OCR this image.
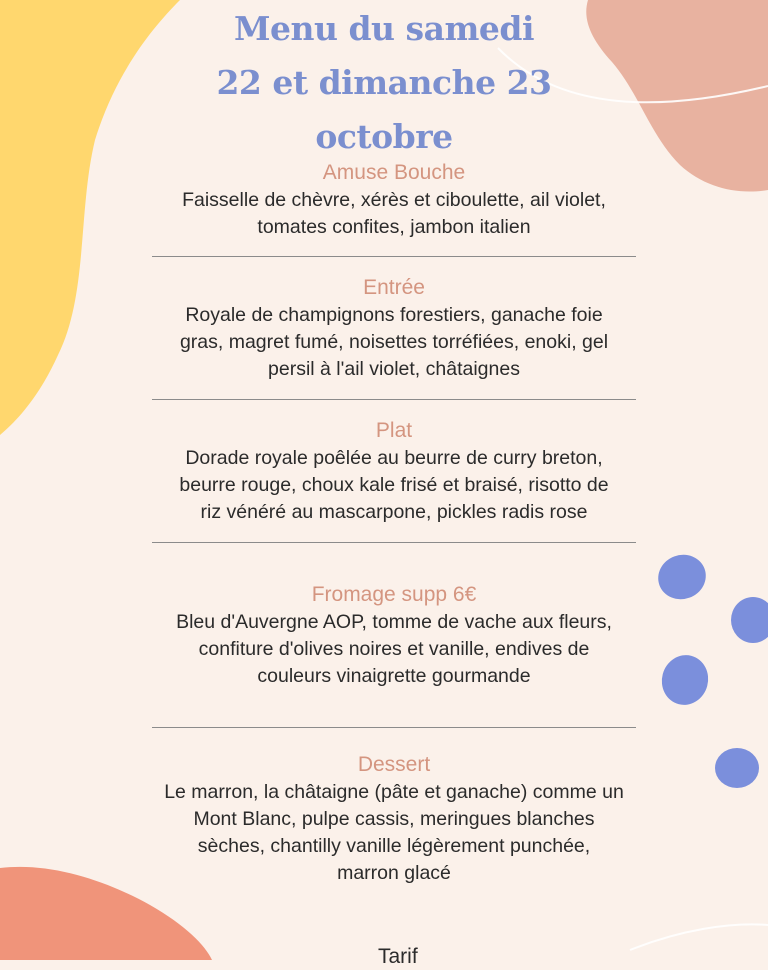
Menu du samedi
22 et dimanche 23
octobre
Amuse Bouche

Faisselle de chèvre, xérès et ciboulette, ail violet,
tomates confites, jambon italien

Entrée

Royale de champignons forestiers, ganache foie
gras, magret fumé, noisettes torréfiées, enoki, gel
persil à l'ail violet, châtaignes

Plat

Dorade royale poêlée au beurre de curry breton,
beurre rouge, choux kale frisé et braisé, risotto de
riz vénéré au mascarpone, pickles radis rose

Fromage supp 6€

Bleu d'Auvergne AOP, tomme de vache aux fleurs,
confiture d'olives noires et vanille, endives de
couleurs vinaigrette gourmande

Dessert

Le marron, la châtaigne (pâte et ganache) comme un
Mont Blanc, pulpe cassis, meringues blanches
sèches, chantilly vanille légèrement punchée,
marron glacé

Tarif
